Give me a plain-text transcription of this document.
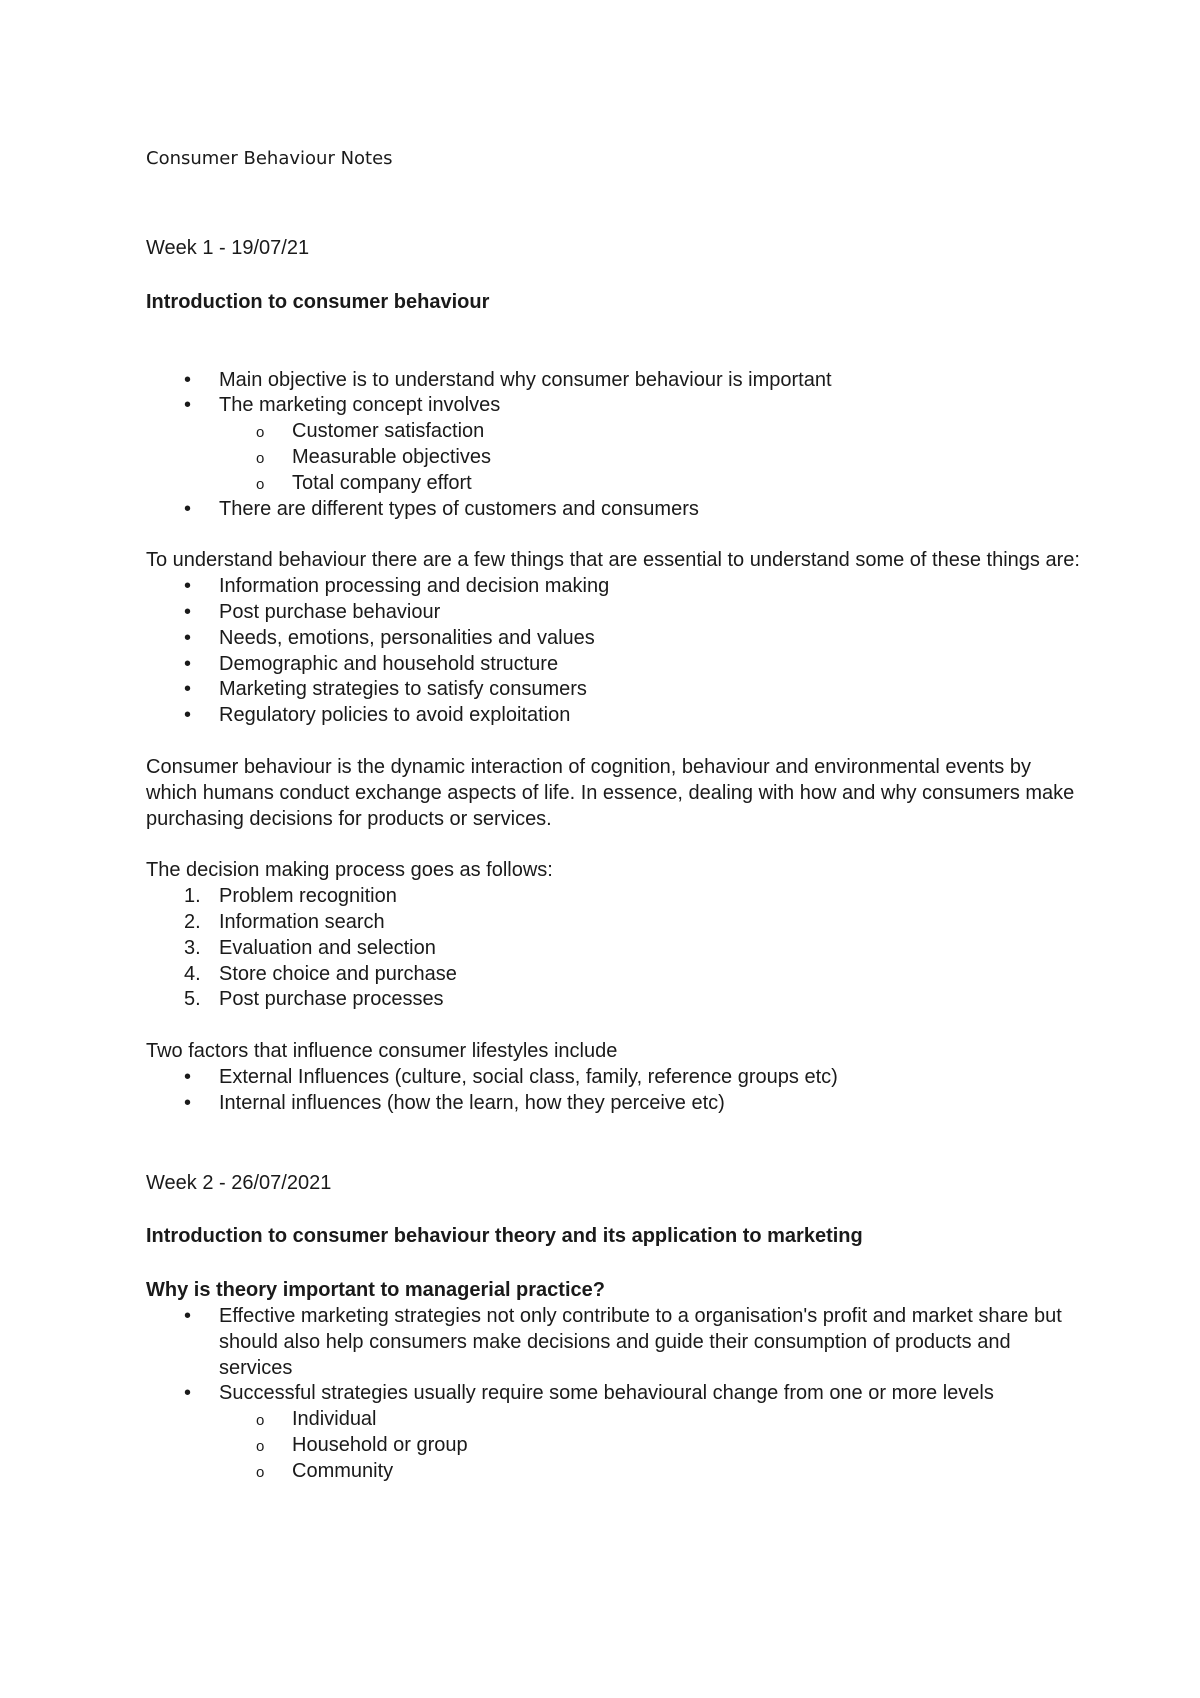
Consumer Behaviour Notes

Week 1 - 19/07/21

Introduction to consumer behaviour

• Main objective is to understand why consumer behaviour is important
• The marketing concept involves
o Customer satisfaction
o Measurable objectives
o Total company effort
• There are different types of customers and consumers

To understand behaviour there are a few things that are essential to understand some of these things are:

• Information processing and decision making
• Post purchase behaviour
• Needs, emotions, personalities and values
• Demographic and household structure
• Marketing strategies to satisfy consumers
• Regulatory policies to avoid exploitation

Consumer behaviour is the dynamic interaction of cognition, behaviour and environmental events by which humans conduct exchange aspects of life. In essence, dealing with how and why consumers make purchasing decisions for products or services.

The decision making process goes as follows:

1. Problem recognition
2. Information search
3. Evaluation and selection
4. Store choice and purchase
5. Post purchase processes

Two factors that influence consumer lifestyles include

• External Influences (culture, social class, family, reference groups etc)
• Internal influences (how the learn, how they perceive etc)

Week 2 - 26/07/2021

Introduction to consumer behaviour theory and its application to marketing

Why is theory important to managerial practice?

• Effective marketing strategies not only contribute to a organisation's profit and market share but should also help consumers make decisions and guide their consumption of products and services
• Successful strategies usually require some behavioural change from one or more levels
o Individual
o Household or group
o Community
